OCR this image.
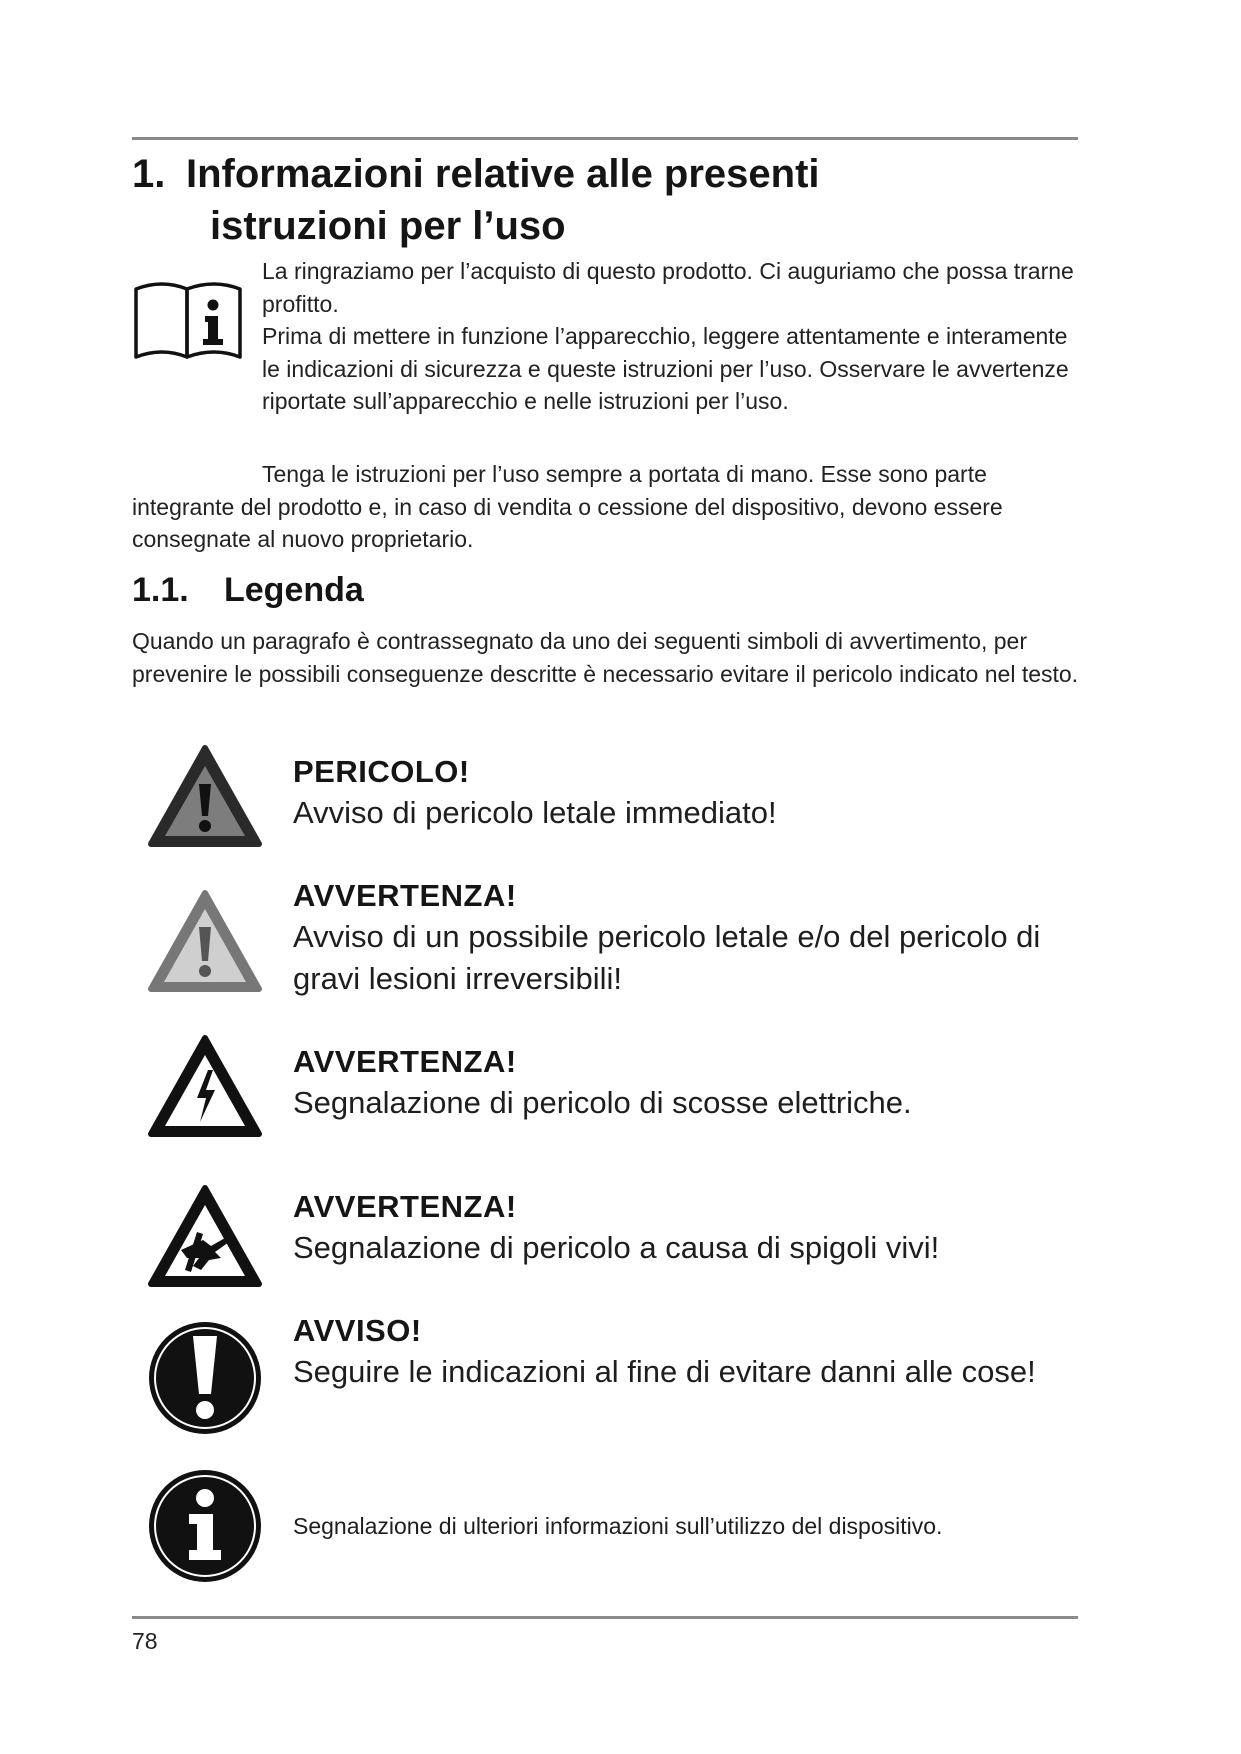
1. Informazioni relative alle presenti
istruzioni per l’uso

La ringraziamo per l’acquisto di questo prodotto. Ci auguriamo che possa trarne profitto.

Prima di mettere in funzione l’apparecchio, leggere attentamente e interamente le indicazioni di sicurezza e queste istruzioni per l’uso. Osservare le avvertenze riportate sull’apparecchio e nelle istruzioni per l’uso.

Tenga le istruzioni per l’uso sempre a portata di mano. Esse sono parte integrante del prodotto e, in caso di vendita o cessione del dispositivo, devono essere consegnate al nuovo proprietario.

1.1. Legenda

Quando un paragrafo è contrassegnato da uno dei seguenti simboli di avvertimento, per prevenire le possibili conseguenze descritte è necessario evitare il pericolo indicato nel testo.

PERICOLO!
Avviso di pericolo letale immediato!
AVVERTENZA!
Avviso di un possibile pericolo letale e/o del pericolo di gravi lesioni irreversibili!
AVVERTENZA!
Segnalazione di pericolo di scosse elettriche.
AVVERTENZA!
Segnalazione di pericolo a causa di spigoli vivi!
AVVISO!
Seguire le indicazioni al fine di evitare danni alle cose!
Segnalazione di ulteriori informazioni sull’utilizzo del dispositivo.
78
